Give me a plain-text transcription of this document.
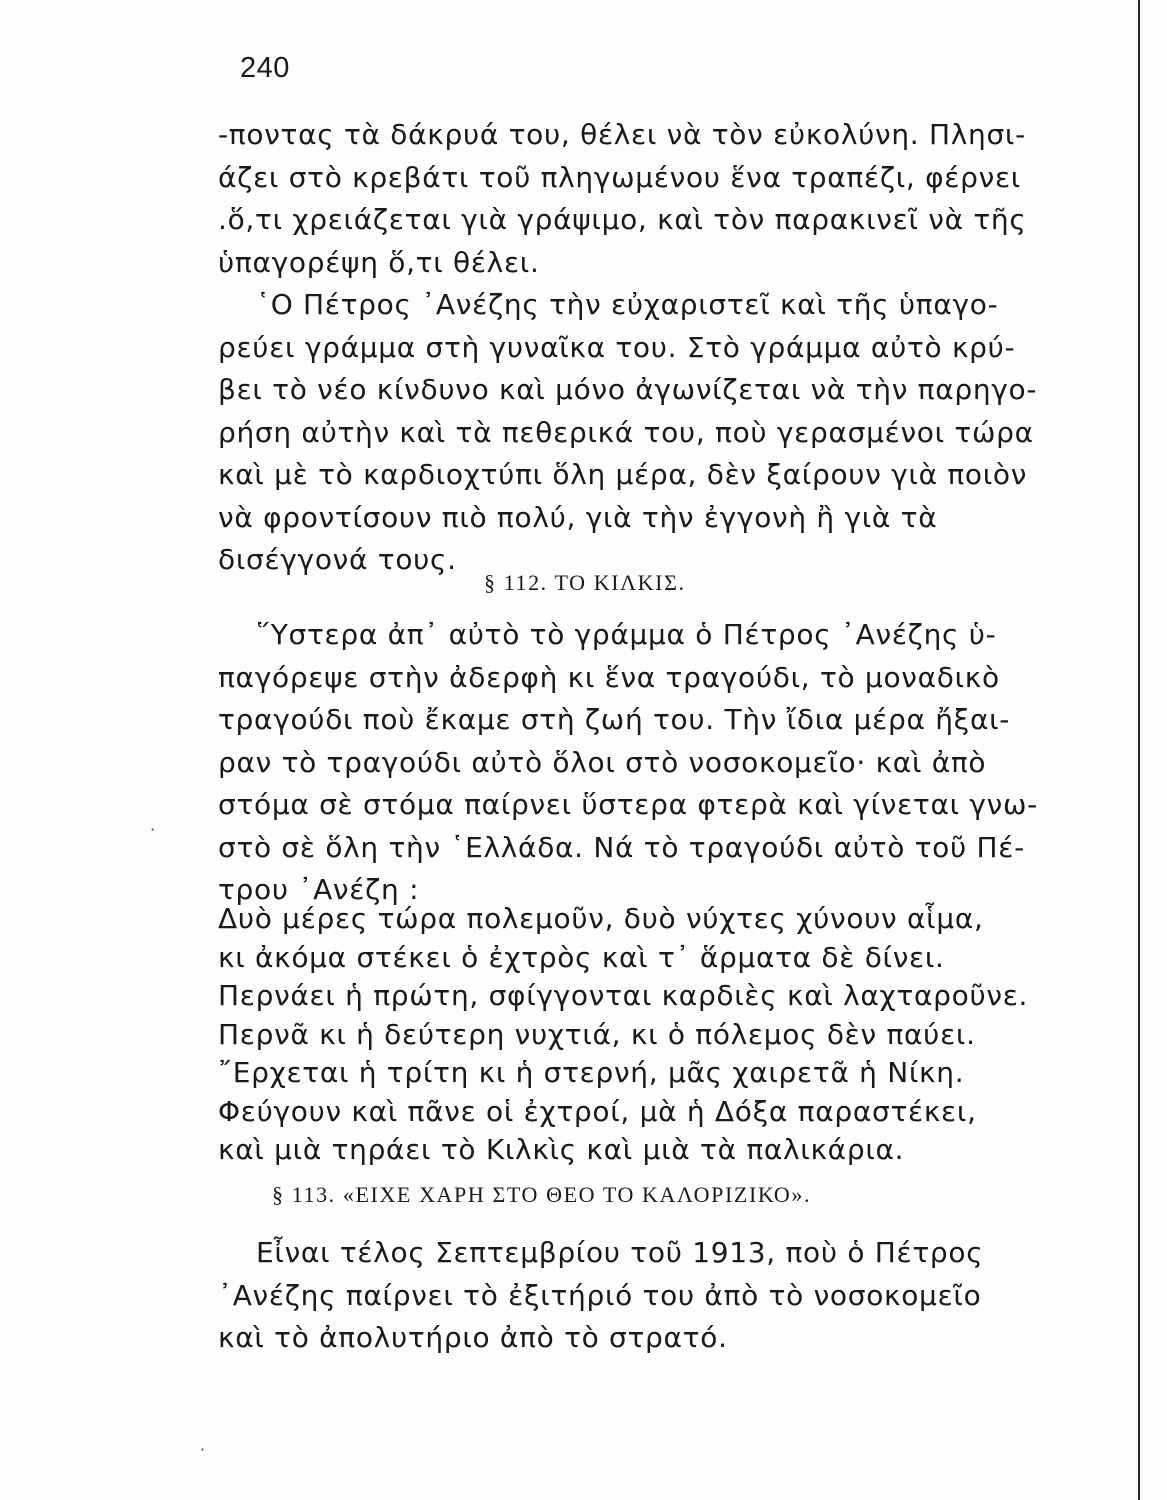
240
-ποντας τὰ δάκρυά του, θέλει νὰ τὸν εὐκολύνη. Πλησι-
άζει στὸ κρεβάτι τοῦ πληγωμένου ἕνα τραπέζι, φέρνει
.ὅ,τι χρειάζεται γιὰ γράψιμο, καὶ τὸν παρακινεῖ νὰ τῆς
ὑπαγορέψη ὅ,τι θέλει.
῾Ο Πέτρος ᾿Ανέζης τὴν εὐχαριστεῖ καὶ τῆς ὑπαγο-
ρεύει γράμμα στὴ γυναῖκα του. Στὸ γράμμα αὐτὸ κρύ-
βει τὸ νέο κίνδυνο καὶ μόνο ἀγωνίζεται νὰ τὴν παρηγο-
ρήση αὐτὴν καὶ τὰ πεθερικά του, ποὺ γερασμένοι τώρα
καὶ μὲ τὸ καρδιοχτύπι ὅλη μέρα, δὲν ξαίρουν γιὰ ποιὸν
νὰ φροντίσουν πιὸ πολύ, γιὰ τὴν ἐγγονὴ ἢ γιὰ τὰ
δισέγγονά τους.
§ 112. ΤΟ ΚΙΛΚΙΣ.
῞Υστερα ἀπ᾿ αὐτὸ τὸ γράμμα ὁ Πέτρος ᾿Ανέζης ὑ-
παγόρεψε στὴν ἀδερφὴ κι ἕνα τραγούδι, τὸ μοναδικὸ
τραγούδι ποὺ ἔκαμε στὴ ζωή του. Τὴν ἴδια μέρα ἤξαι-
ραν τὸ τραγούδι αὐτὸ ὅλοι στὸ νοσοκομεῖο· καὶ ἀπὸ
στόμα σὲ στόμα παίρνει ὕστερα φτερὰ καὶ γίνεται γνω-
στὸ σὲ ὅλη τὴν ῾Ελλάδα. Νά τὸ τραγούδι αὐτὸ τοῦ Πέ-
τρου ᾿Ανέζη :
Δυὸ μέρες τώρα πολεμοῦν, δυὸ νύχτες χύνουν αἷμα,
κι ἀκόμα στέκει ὁ ἐχτρὸς καὶ τ᾿ ἅρματα δὲ δίνει.
Περνάει ἡ πρώτη, σφίγγονται καρδιὲς καὶ λαχταροῦνε.
Περνᾶ κι ἡ δεύτερη νυχτιά, κι ὁ πόλεμος δὲν παύει.
῎Ερχεται ἡ τρίτη κι ἡ στερνή, μᾶς χαιρετᾶ ἡ Νίκη.
Φεύγουν καὶ πᾶνε οἱ ἐχτροί, μὰ ἡ Δόξα παραστέκει,
καὶ μιὰ τηράει τὸ Κιλκὶς καὶ μιὰ τὰ παλικάρια.
§ 113. «ΕΙΧΕ ΧΑΡΗ ΣΤΟ ΘΕΟ ΤΟ ΚΑΛΟΡΙΖΙΚΟ».
Εἶναι τέλος Σεπτεμβρίου τοῦ 1913, ποὺ ὁ Πέτρος
᾿Ανέζης παίρνει τὸ ἐξιτήριό του ἀπὸ τὸ νοσοκομεῖο
καὶ τὸ ἀπολυτήριο ἀπὸ τὸ στρατό.
·
·
